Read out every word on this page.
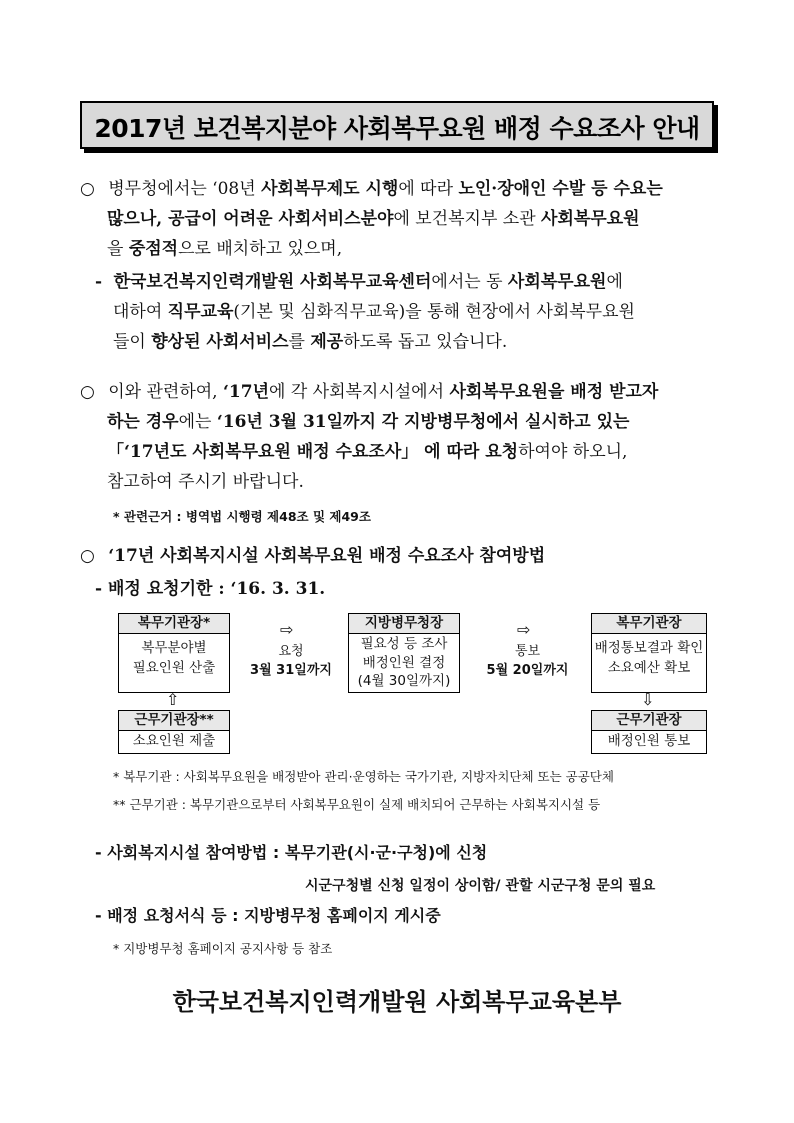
2017년 보건복지분야 사회복무요원 배정 수요조사 안내
○ 병무청에서는 ‘08년 사회복무제도 시행에 따라 노인·장애인 수발 등 수요는
많으나, 공급이 어려운 사회서비스분야에 보건복지부 소관 사회복무요원
을 중점적으로 배치하고 있으며,
- 한국보건복지인력개발원 사회복무교육센터에서는 동 사회복무요원에
대하여 직무교육(기본 및 심화직무교육)을 통해 현장에서 사회복무요원
들이 향상된 사회서비스를 제공하도록 돕고 있습니다.
○ 이와 관련하여, ‘17년에 각 사회복지시설에서 사회복무요원을 배정 받고자
하는 경우에는 ‘16년 3월 31일까지 각 지방병무청에서 실시하고 있는
「‘17년도 사회복무요원 배정 수요조사」 에 따라 요청하여야 하오니,
참고하여 주시기 바랍니다.
* 관련근거 : 병역법 시행령 제48조 및 제49조
○ ‘17년 사회복지시설 사회복무요원 배정 수요조사 참여방법
- 배정 요청기한 : ‘16. 3. 31.
복무기관장*
복무분야별
필요인원 산출
⇨
요청
3월 31일까지
지방병무청장
필요성 등 조사
배정인원 결정
(4월 30일까지)
⇨
통보
5월 20일까지
복무기관장
배정통보결과 확인
소요예산 확보
⇧	⇩
근무기관장**
소요인원 제출
근무기관장
배정인원 통보
* 복무기관 : 사회복무요원을 배정받아 관리·운영하는 국가기관, 지방자치단체 또는 공공단체
** 근무기관 : 복무기관으로부터 사회복무요원이 실제 배치되어 근무하는 사회복지시설 등
- 사회복지시설 참여방법 : 복무기관(시·군·구청)에 신청
시군구청별 신청 일정이 상이함/ 관할 시군구청 문의 필요
- 배정 요청서식 등 : 지방병무청 홈페이지 게시중
* 지방병무청 홈페이지 공지사항 등 참조
한국보건복지인력개발원 사회복무교육본부
